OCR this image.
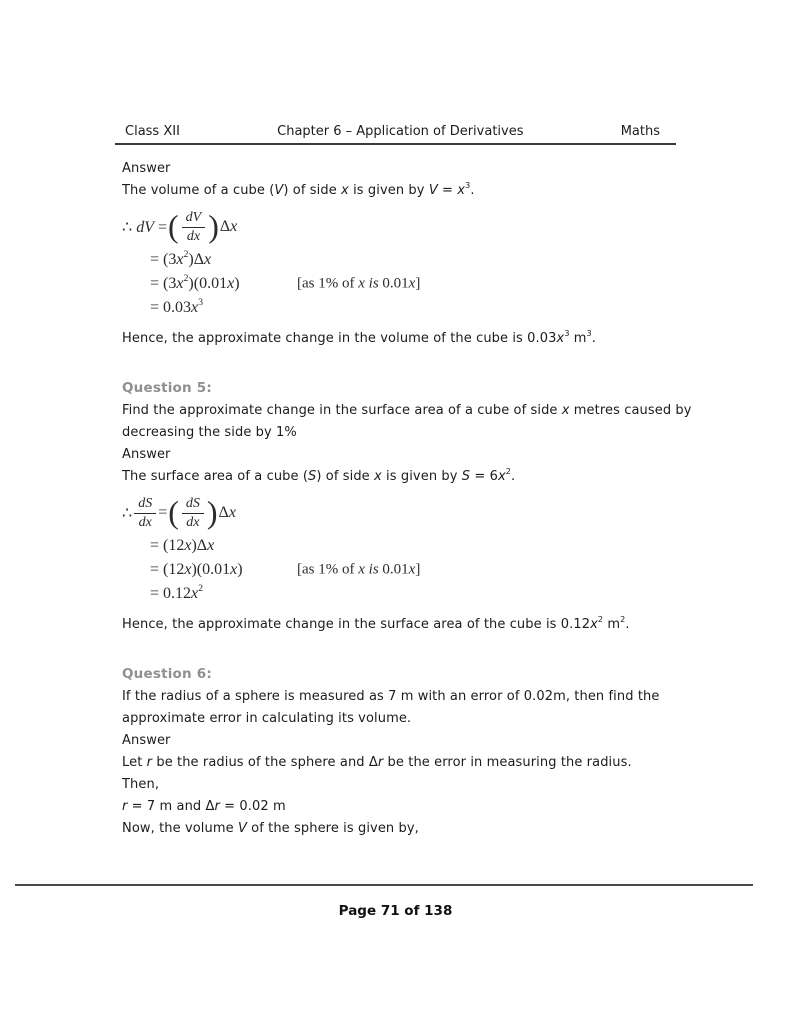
Class XII	Chapter 6 – Application of Derivatives	Maths
Answer
The volume of a cube (V) of side x is given by $V = x^3$.
∴ dV = ( $\frac{dV}{dx}$ ) Δx
= $(3x^2)\Delta x$
= $(3x^2)(0.01x)$	[as 1% of x is 0.01x]
= $0.03x^3$
Hence, the approximate change in the volume of the cube is $0.03x^3$ $m^3$.
Question 5:
Find the approximate change in the surface area of a cube of side x metres caused by
decreasing the side by 1%
Answer
The surface area of a cube (S) of side x is given by $S = 6x^2$.
∴ $\frac{dS}{dx}$ = ( $\frac{dS}{dx}$ ) Δx
= (12x)Δx
= (12x)(0.01x)	[as 1% of x is 0.01x]
= $0.12x^2$
Hence, the approximate change in the surface area of the cube is $0.12x^2$ $m^2$.
Question 6:
If the radius of a sphere is measured as 7 m with an error of 0.02m, then find the
approximate error in calculating its volume.
Answer
Let r be the radius of the sphere and Δr be the error in measuring the radius.
Then,
r = 7 m and Δr = 0.02 m
Now, the volume V of the sphere is given by,
Page 71 of 138
